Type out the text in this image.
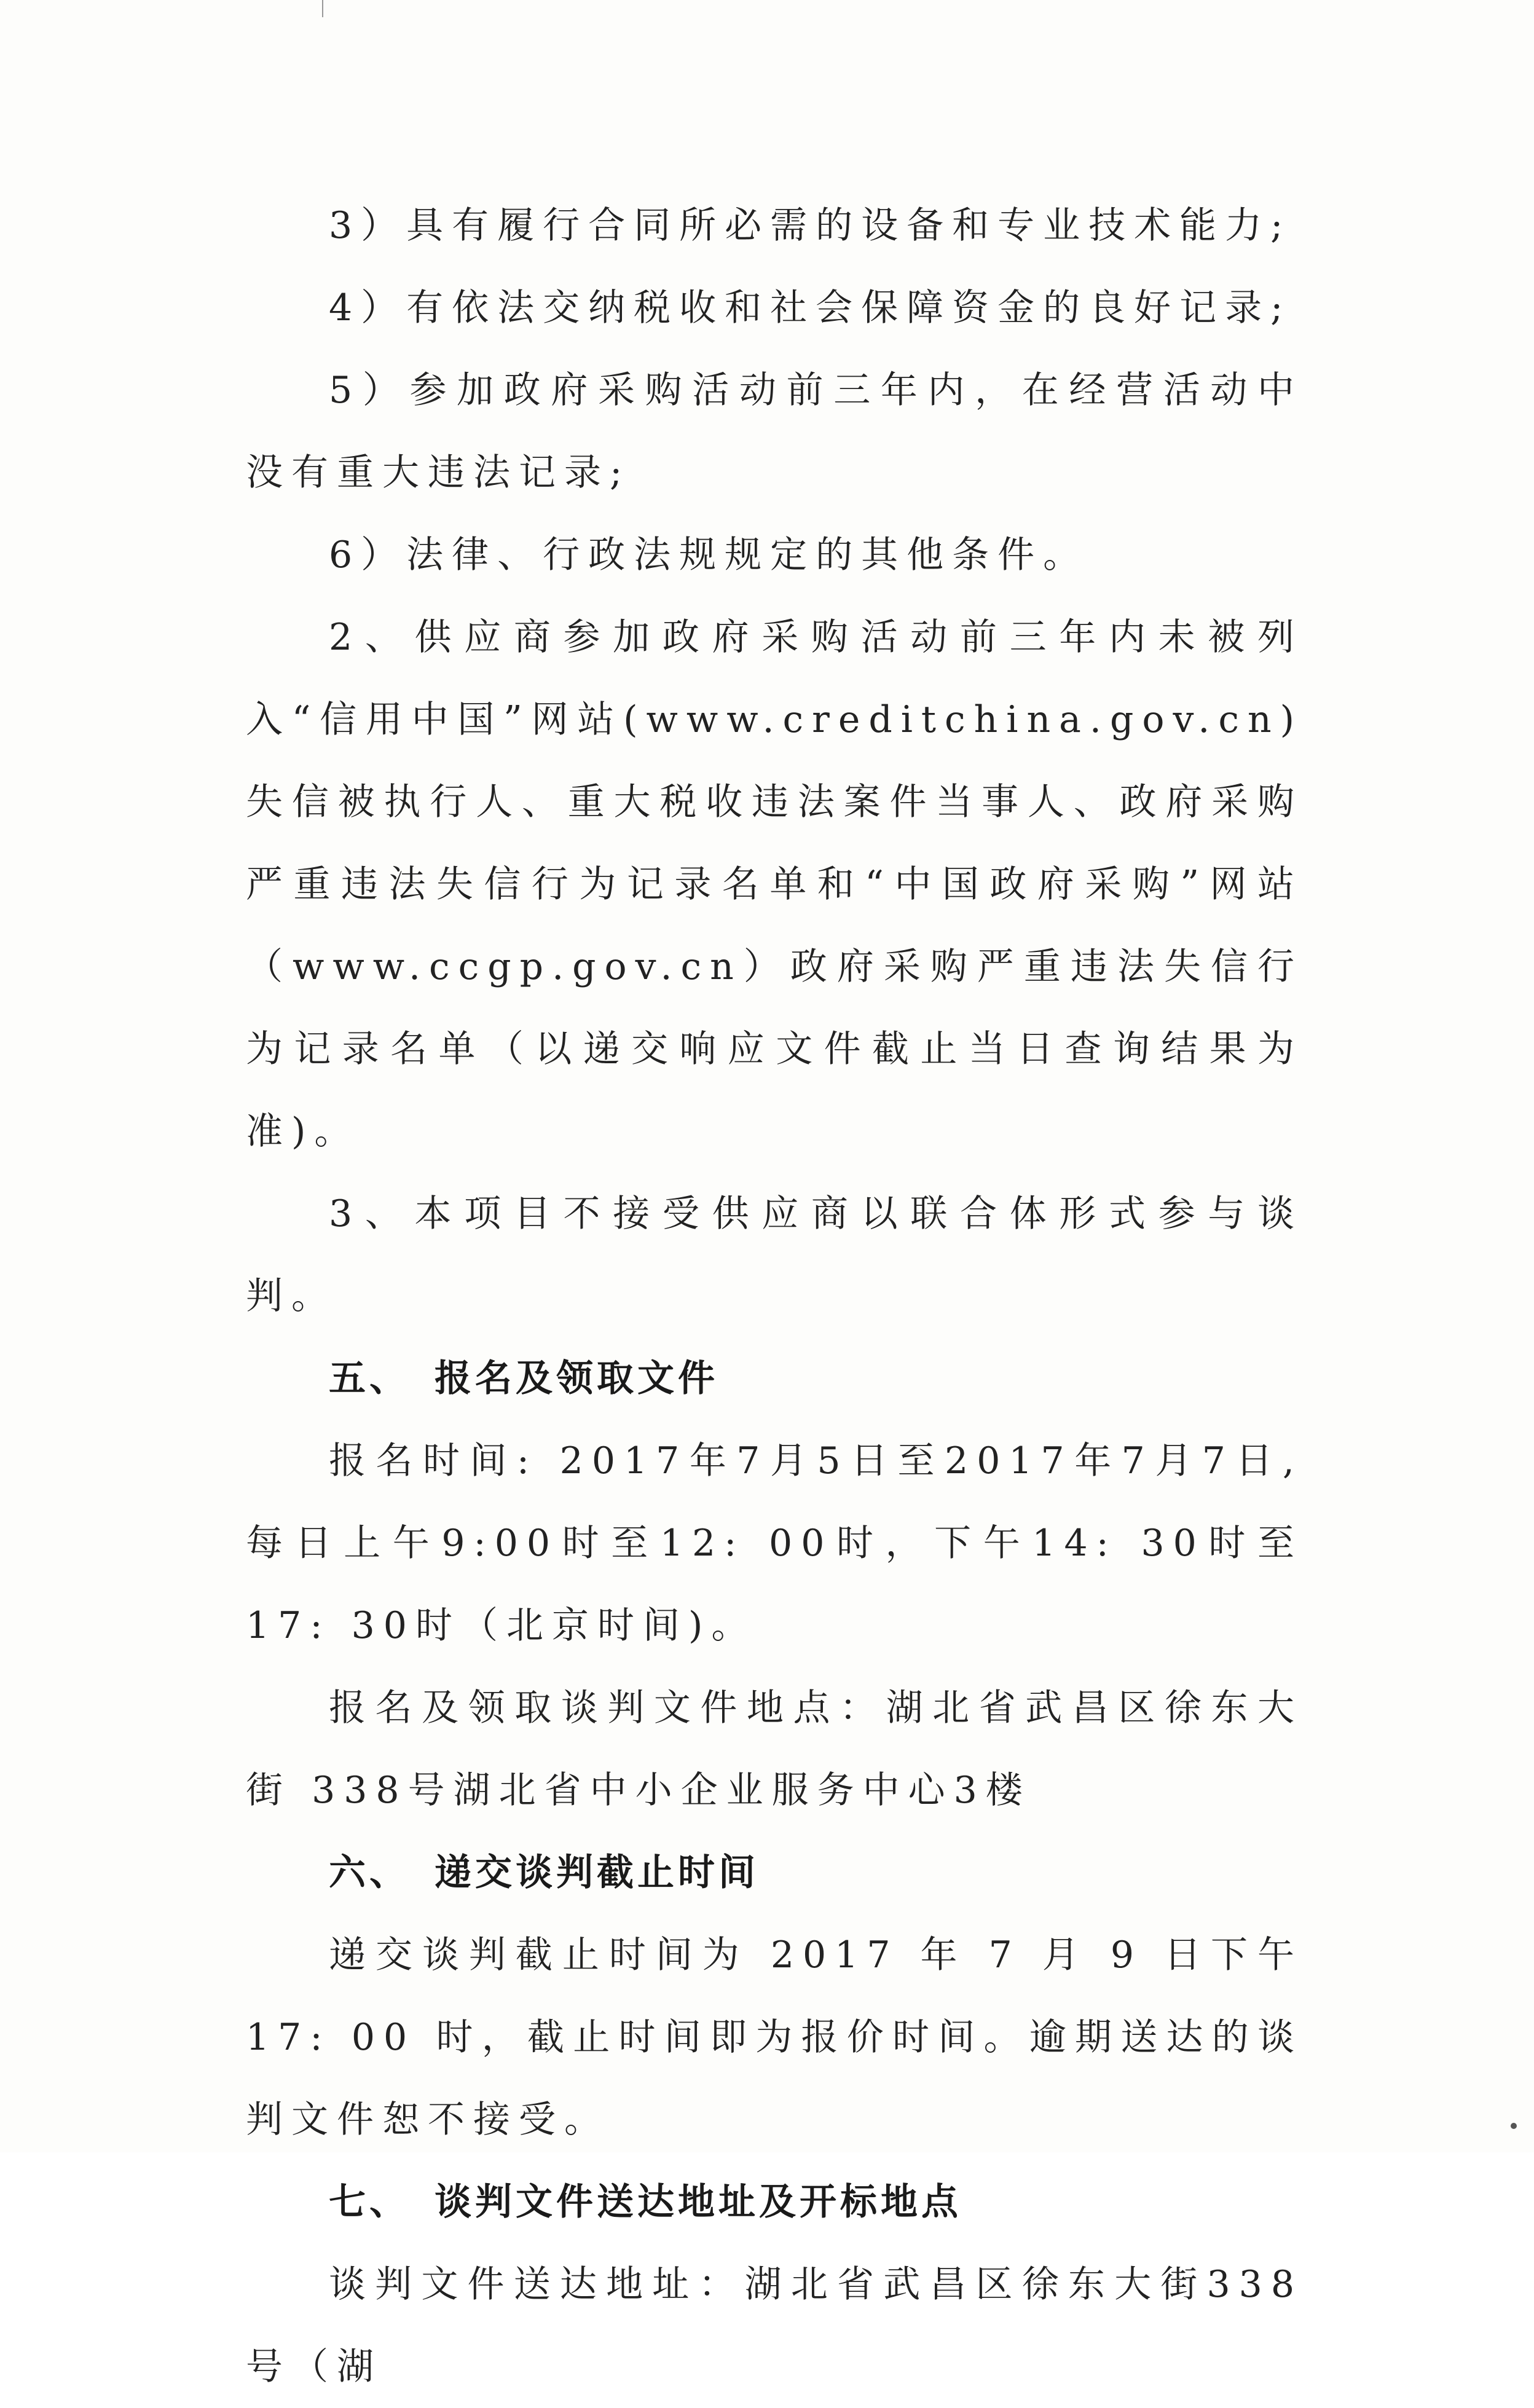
3）具有履行合同所必需的设备和专业技术能力;

4）有依法交纳税收和社会保障资金的良好记录;

5）参加政府采购活动前三年内，在经营活动中没有重大违法记录;

6）法律、行政法规规定的其他条件。

2、供应商参加政府采购活动前三年内未被列入“信用中国”网站(www.creditchina.gov.cn)失信被执行人、重大税收违法案件当事人、政府采购严重违法失信行为记录名单和“中国政府采购”网站（www.ccgp.gov.cn）政府采购严重违法失信行为记录名单（以递交响应文件截止当日查询结果为准)。

3、本项目不接受供应商以联合体形式参与谈判。

五、 报名及领取文件

报名时间: 2017年7月5日至2017年7月7日,每日上午9:00时至12: 00时，下午14: 30时至17: 30时（北京时间)。

报名及领取谈判文件地点：湖北省武昌区徐东大街 338号湖北省中小企业服务中心3楼

六、 递交谈判截止时间

递交谈判截止时间为 2017 年 7 月 9 日下午 17: 00 时，截止时间即为报价时间。逾期送达的谈判文件恕不接受。

七、 谈判文件送达地址及开标地点

谈判文件送达地址：湖北省武昌区徐东大街338号（湖
